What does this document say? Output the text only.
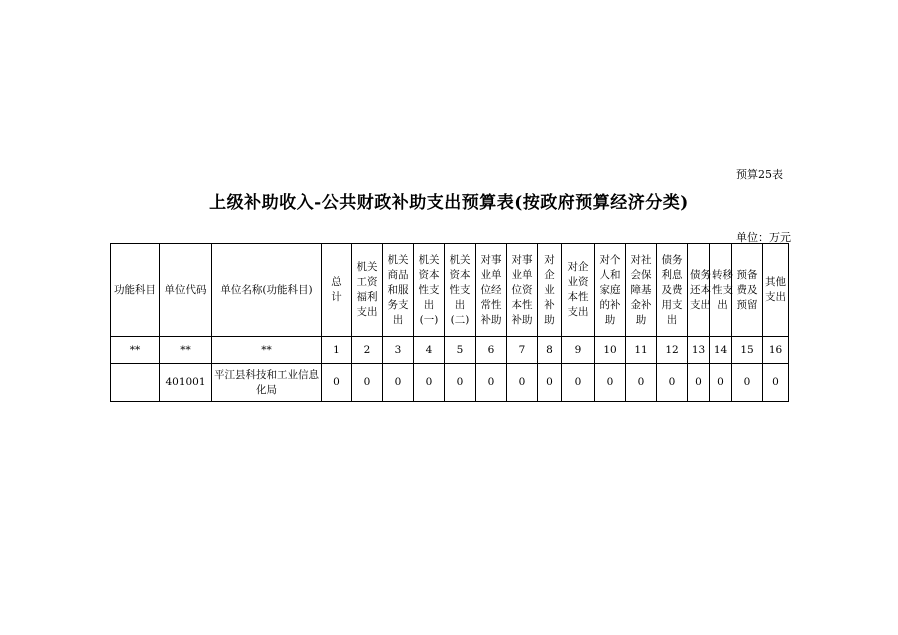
预算25表
上级补助收入-公共财政补助支出预算表(按政府预算经济分类)
单位：万元
功能科目	单位代码	单位名称(功能科目)	总计	机关工资福利支出	机关商品和服务支出	机关资本性支出(一)	机关资本性支出(二)	对事业单位经常性补助	对事业单位资本性补助	对企业补助	对企业资本性支出	对个人和家庭的补助	对社会保障基金补助	债务利息及费用支出	债务还本支出	转移性支出	预备费及预留	其他支出
**	**	**	1	2	3	4	5	6	7	8	9	10	11	12	13	14	15	16
	401001	平江县科技和工业信息化局	0	0	0	0	0	0	0	0	0	0	0	0	0	0	0	0
